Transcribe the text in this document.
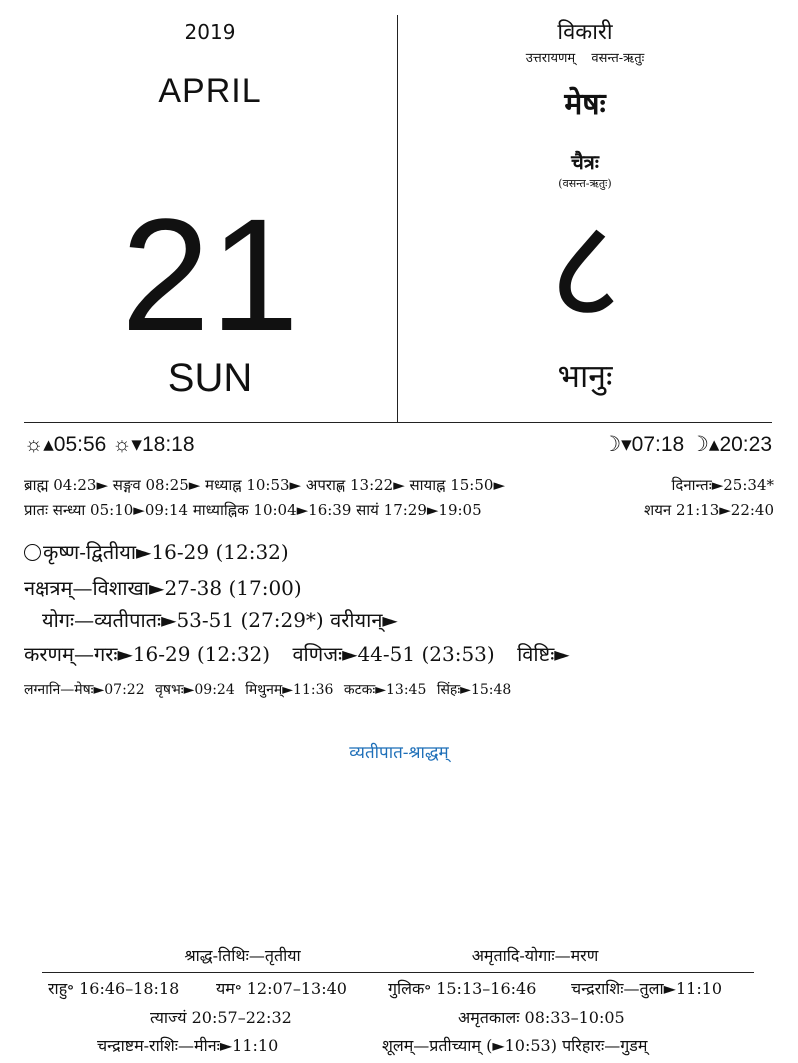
2019
APRIL
21
SUN
विकारी
उत्तरायणम् वसन्त-ऋतुः
मेषः
चैत्रः
(वसन्त-ऋतुः)
८
भानुः
☼▴05:56 ☼▾18:18	☽▾07:18 ☽▴20:23
ब्राह्म 04:23► सङ्गव 08:25► मध्याह्न 10:53► अपराह्ण 13:22► सायाह्न 15:50►	दिनान्तः►25:34*
प्रातः सन्ध्या 05:10►09:14 माध्याह्निक 10:04►16:39 सायं 17:29►19:05	शयन 21:13►22:40
कृष्ण-द्वितीया►16-29 (12:32)
नक्षत्रम्—विशाखा►27-38 (17:00)
योगः—व्यतीपातः►53-51 (27:29*) वरीयान्►
करणम्—गरः►16-29 (12:32) वणिजः►44-51 (23:53) विष्टिः►
लग्नानि—मेषः►07:22 वृषभः►09:24 मिथुनम्►11:36 कटकः►13:45 सिंहः►15:48
व्यतीपात-श्राद्धम्
श्राद्ध-तिथिः—तृतीया	अमृतादि-योगाः—मरण
राहु॰ 16:46–18:18 यम॰ 12:07–13:40	गुलिक॰ 15:13–16:46 चन्द्रराशिः—तुला►11:10
त्याज्यं 20:57–22:32	अमृतकालः 08:33–10:05
चन्द्राष्टम-राशिः—मीनः►11:10	शूलम्—प्रतीच्याम् (►10:53) परिहारः—गुडम्
